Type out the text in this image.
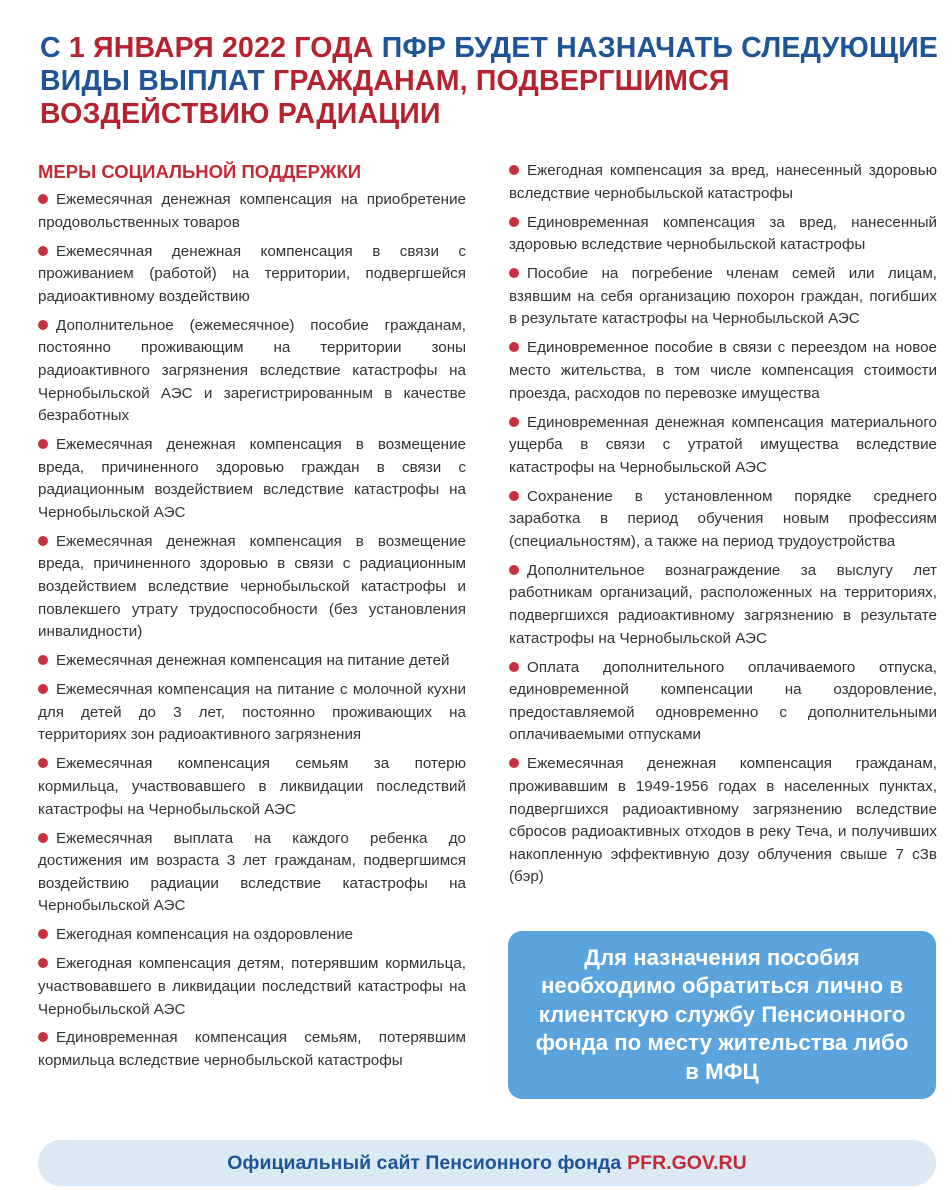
С 1 ЯНВАРЯ 2022 ГОДА ПФР БУДЕТ НАЗНАЧАТЬ СЛЕДУЮЩИЕ ВИДЫ ВЫПЛАТ ГРАЖДАНАМ, ПОДВЕРГШИМСЯ ВОЗДЕЙСТВИЮ РАДИАЦИИ
МЕРЫ СОЦИАЛЬНОЙ ПОДДЕРЖКИ
Ежемесячная денежная компенсация на приобретение продовольственных товаров
Ежемесячная денежная компенсация в связи с проживанием (работой) на территории, подвергшейся радиоактивному воздействию
Дополнительное (ежемесячное) пособие гражданам, постоянно проживающим на территории зоны радиоактивного загрязнения вследствие катастрофы на Чернобыльской АЭС и зарегистрированным в качестве безработных
Ежемесячная денежная компенсация в возмещение вреда, причиненного здоровью граждан в связи с радиационным воздействием вследствие катастрофы на Чернобыльской АЭС
Ежемесячная денежная компенсация в возмещение вреда, причиненного здоровью в связи с радиационным воздействием вследствие чернобыльской катастрофы и повлекшего утрату трудоспособности (без установления инвалидности)
Ежемесячная денежная компенсация на питание детей
Ежемесячная компенсация на питание с молочной кухни для детей до 3 лет, постоянно проживающих на территориях зон радиоактивного загрязнения
Ежемесячная компенсация семьям за потерю кормильца, участвовавшего в ликвидации последствий катастрофы на Чернобыльской АЭС
Ежемесячная выплата на каждого ребенка до достижения им возраста 3 лет гражданам, подвергшимся воздействию радиации вследствие катастрофы на Чернобыльской АЭС
Ежегодная компенсация на оздоровление
Ежегодная компенсация детям, потерявшим кормильца, участвовавшего в ликвидации последствий катастрофы на Чернобыльской АЭС
Единовременная компенсация семьям, потерявшим кормильца вследствие чернобыльской катастрофы
Ежегодная компенсация за вред, нанесенный здоровью вследствие чернобыльской катастрофы
Единовременная компенсация за вред, нанесенный здоровью вследствие чернобыльской катастрофы
Пособие на погребение членам семей или лицам, взявшим на себя организацию похорон граждан, погибших в результате катастрофы на Чернобыльской АЭС
Единовременное пособие в связи с переездом на новое место жительства, в том числе компенсация стоимости проезда, расходов по перевозке имущества
Единовременная денежная компенсация материального ущерба в связи с утратой имущества вследствие катастрофы на Чернобыльской АЭС
Сохранение в установленном порядке среднего заработка в период обучения новым профессиям (специальностям), а также на период трудоустройства
Дополнительное вознаграждение за выслугу лет работникам организаций, расположенных на территориях, подвергшихся радиоактивному загрязнению в результате катастрофы на Чернобыльской АЭС
Оплата дополнительного оплачиваемого отпуска, единовременной компенсации на оздоровление, предоставляемой одновременно с дополнительными оплачиваемыми отпусками
Ежемесячная денежная компенсация гражданам, проживавшим в 1949-1956 годах в населенных пунктах, подвергшихся радиоактивному загрязнению вследствие сбросов радиоактивных отходов в реку Теча, и получивших накопленную эффективную дозу облучения свыше 7 сЗв (бэр)
Для назначения пособия необходимо обратиться лично в клиентскую службу Пенсионного фонда по месту жительства либо в МФЦ
Официальный сайт Пенсионного фонда PFR.GOV.RU
